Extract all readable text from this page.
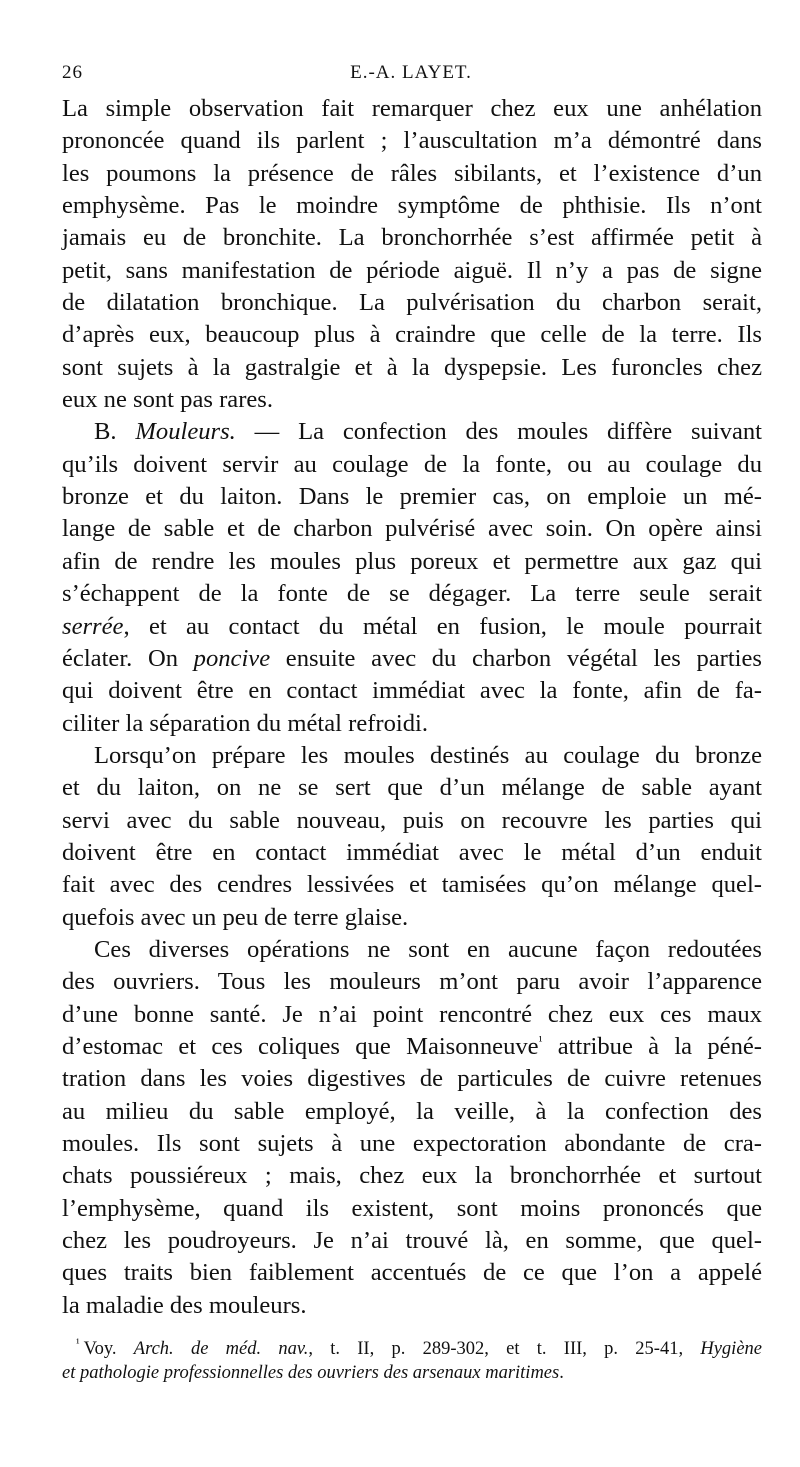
26	E.-A. LAYET.

La simple observation fait remarquer chez eux une anhélation
prononcée quand ils parlent ; l’auscultation m’a démontré dans
les poumons la présence de râles sibilants, et l’existence d’un
emphysème. Pas le moindre symptôme de phthisie. Ils n’ont
jamais eu de bronchite. La bronchorrhée s’est affirmée petit à
petit, sans manifestation de période aiguë. Il n’y a pas de signe
de dilatation bronchique. La pulvérisation du charbon serait,
d’après eux, beaucoup plus à craindre que celle de la terre. Ils
sont sujets à la gastralgie et à la dyspepsie. Les furoncles chez
eux ne sont pas rares.

B. Mouleurs. — La confection des moules diffère suivant
qu’ils doivent servir au coulage de la fonte, ou au coulage du
bronze et du laiton. Dans le premier cas, on emploie un mé-
lange de sable et de charbon pulvérisé avec soin. On opère ainsi
afin de rendre les moules plus poreux et permettre aux gaz qui
s’échappent de la fonte de se dégager. La terre seule serait
serrée, et au contact du métal en fusion, le moule pourrait
éclater. On poncive ensuite avec du charbon végétal les parties
qui doivent être en contact immédiat avec la fonte, afin de fa-
ciliter la séparation du métal refroidi.

Lorsqu’on prépare les moules destinés au coulage du bronze
et du laiton, on ne se sert que d’un mélange de sable ayant
servi avec du sable nouveau, puis on recouvre les parties qui
doivent être en contact immédiat avec le métal d’un enduit
fait avec des cendres lessivées et tamisées qu’on mélange quel-
quefois avec un peu de terre glaise.

Ces diverses opérations ne sont en aucune façon redoutées
des ouvriers. Tous les mouleurs m’ont paru avoir l’apparence
d’une bonne santé. Je n’ai point rencontré chez eux ces maux
d’estomac et ces coliques que Maisonneuve$^{^1}$ attribue à la péné-
tration dans les voies digestives de particules de cuivre retenues
au milieu du sable employé, la veille, à la confection des
moules. Ils sont sujets à une expectoration abondante de cra-
chats poussiéreux ; mais, chez eux la bronchorrhée et surtout
l’emphysème, quand ils existent, sont moins prononcés que
chez les poudroyeurs. Je n’ai trouvé là, en somme, que quel-
ques traits bien faiblement accentués de ce que l’on a appelé
la maladie des mouleurs.

$^{^1}$ Voy. Arch. de méd. nav., t. II, p. 289-302, et t. III, p. 25-41, Hygiène
et pathologie professionnelles des ouvriers des arsenaux maritimes.
